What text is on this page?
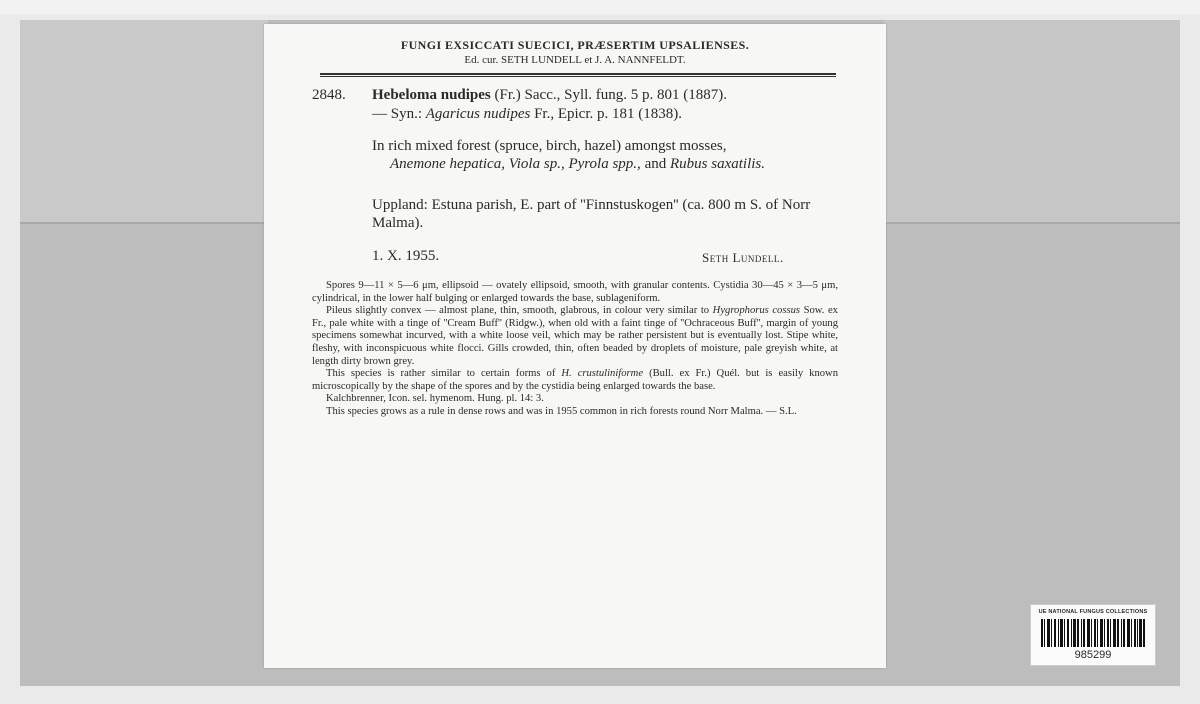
FUNGI EXSICCATI SUECICI, PRÆSERTIM UPSALIENSES.
Ed. cur. SETH LUNDELL et J. A. NANNFELDT.
2848. Hebeloma nudipes (Fr.) Sacc., Syll. fung. 5 p. 801 (1887).
— Syn.: Agaricus nudipes Fr., Epicr. p. 181 (1838).
In rich mixed forest (spruce, birch, hazel) amongst mosses,
Anemone hepatica, Viola sp., Pyrola spp., and Rubus saxatilis.
Uppland: Estuna parish, E. part of ''Finnstuskogen'' (ca. 800 m S. of Norr Malma).
1. X. 1955.	Seth Lundell.

Spores 9—11 × 5—6 μm, ellipsoid — ovately ellipsoid, smooth, with granular contents. Cystidia 30—45 × 3—5 μm, cylindrical, in the lower half bulging or enlarged towards the base, sublageniform.

Pileus slightly convex — almost plane, thin, smooth, glabrous, in colour very similar to Hygrophorus cossus Sow. ex Fr., pale white with a tinge of ''Cream Buff'' (Ridgw.), when old with a faint tinge of ''Ochraceous Buff'', margin of young specimens somewhat incurved, with a white loose veil, which may be rather persistent but is eventually lost. Stipe white, fleshy, with inconspicuous white flocci. Gills crowded, thin, often beaded by droplets of moisture, pale greyish white, at length dirty brown grey.

This species is rather similar to certain forms of H. crustuliniforme (Bull. ex Fr.) Quél. but is easily known microscopically by the shape of the spores and by the cystidia being enlarged towards the base.

Kalchbrenner, Icon. sel. hymenom. Hung. pl. 14: 3.

This species grows as a rule in dense rows and was in 1955 common in rich forests round Norr Malma. — S.L.

UE NATIONAL FUNGUS COLLECTIONS
985299
